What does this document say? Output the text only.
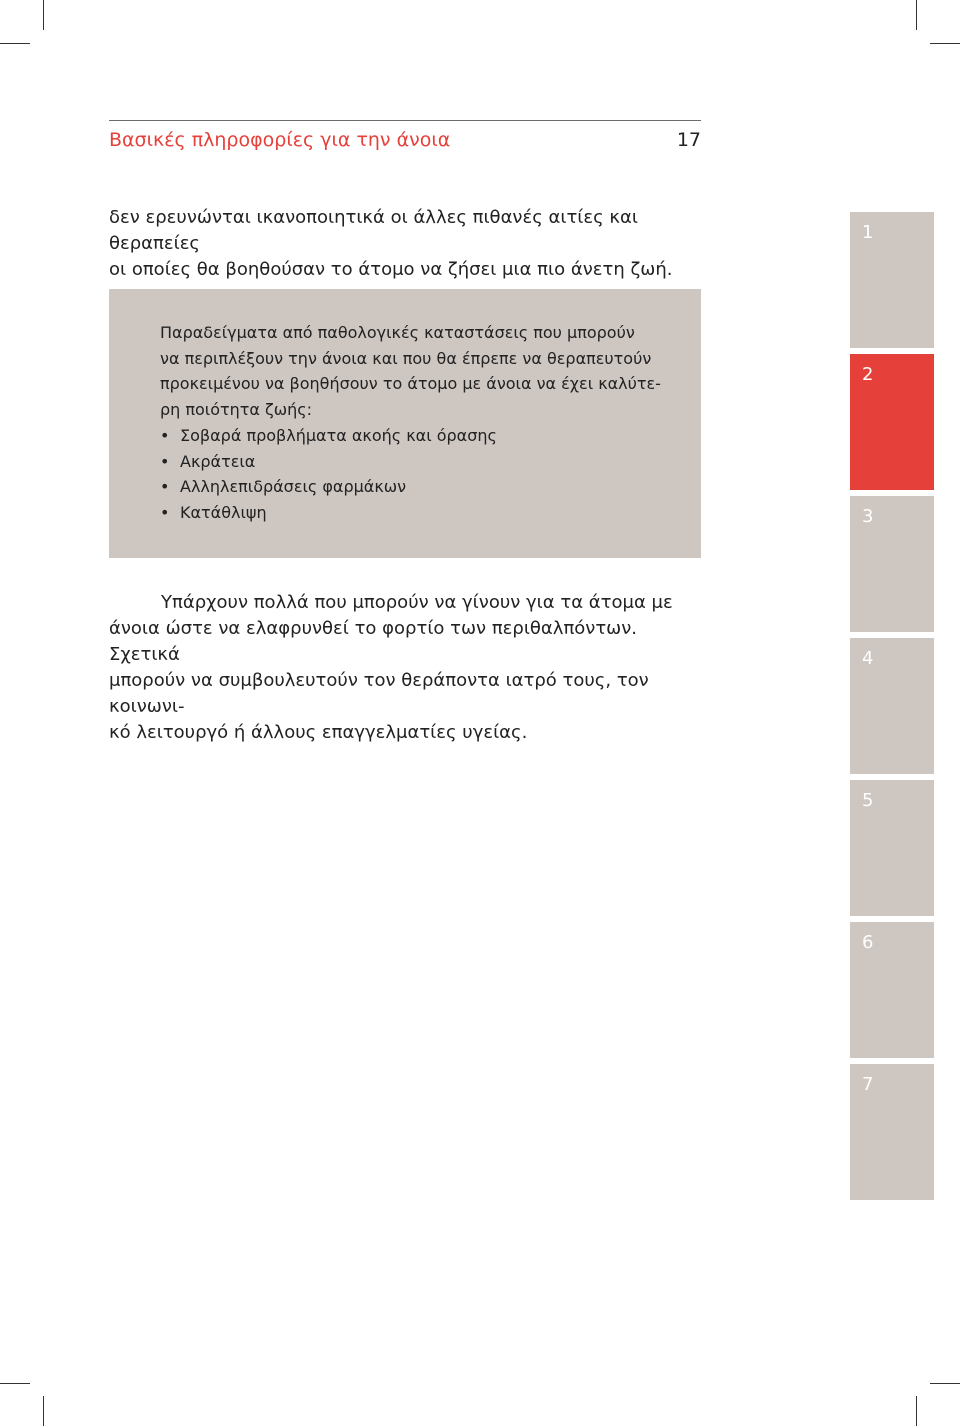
Βασικές πληροφορίες για την άνοια	17

δεν ερευνώνται ικανοποιητικά οι άλλες πιθανές αιτίες και θεραπείες

οι οποίες θα βοηθούσαν το άτομο να ζήσει μια πιο άνετη ζωή.

Παραδείγματα από παθολογικές καταστάσεις που μπορούν

να περιπλέξουν την άνοια και που θα έπρεπε να θεραπευτούν

προκειμένου να βοηθήσουν το άτομο με άνοια να έχει καλύτε-

ρη ποιότητα ζωής:

• Σοβαρά προβλήματα ακοής και όρασης
• Ακράτεια
• Αλληλεπιδράσεις φαρμάκων
• Κατάθλιψη

Υπάρχουν πολλά που μπορούν να γίνουν για τα άτομα με

άνοια ώστε να ελαφρυνθεί το φορτίο των περιθαλπόντων. Σχετικά

μπορούν να συμβουλευτούν τον θεράποντα ιατρό τους, τον κοινωνι-

κό λειτουργό ή άλλους επαγγελματίες υγείας.

1
2
3
4
5
6
7
